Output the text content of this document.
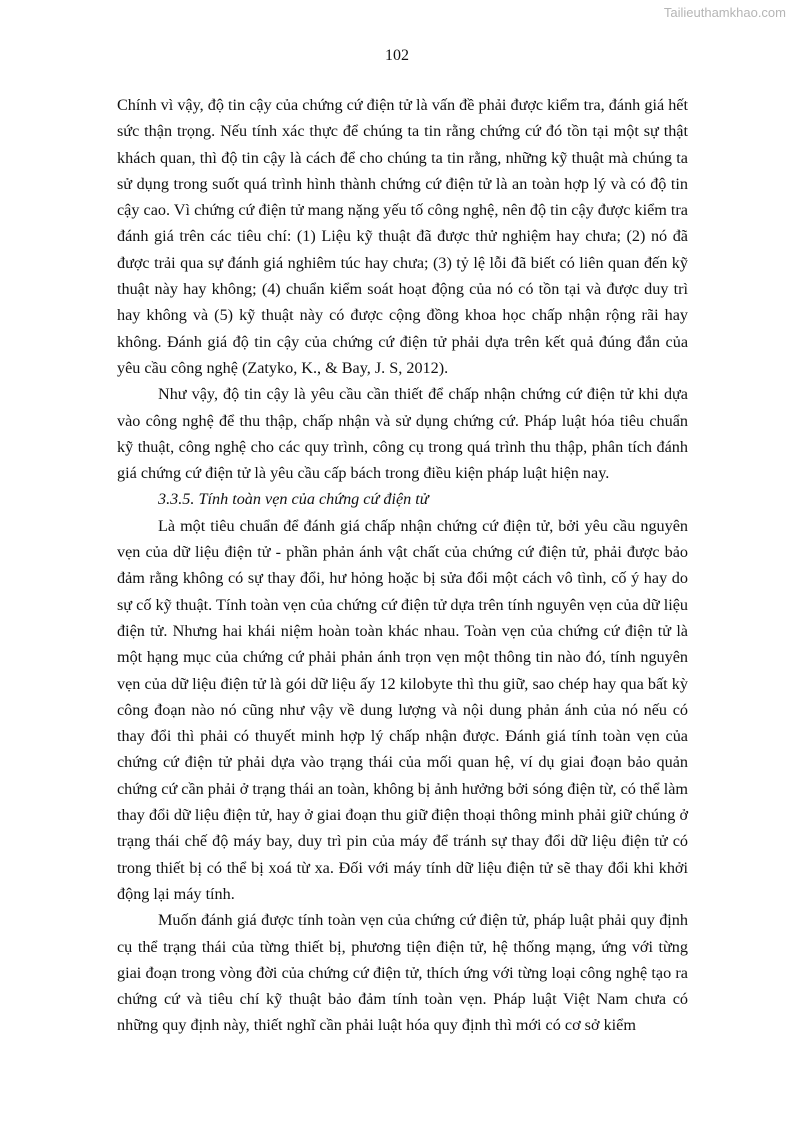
Tailieuthamkhao.com
102

Chính vì vậy, độ tin cậy của chứng cứ điện tử là vấn đề phải được kiểm tra, đánh giá hết sức thận trọng. Nếu tính xác thực để chúng ta tin rằng chứng cứ đó tồn tại một sự thật khách quan, thì độ tin cậy là cách để cho chúng ta tin rằng, những kỹ thuật mà chúng ta sử dụng trong suốt quá trình hình thành chứng cứ điện tử là an toàn hợp lý và có độ tin cậy cao. Vì chứng cứ điện tử mang nặng yếu tố công nghệ, nên độ tin cậy được kiểm tra đánh giá trên các tiêu chí: (1) Liệu kỹ thuật đã được thử nghiệm hay chưa; (2) nó đã được trải qua sự đánh giá nghiêm túc hay chưa; (3) tỷ lệ lỗi đã biết có liên quan đến kỹ thuật này hay không; (4) chuẩn kiểm soát hoạt động của nó có tồn tại và được duy trì hay không và (5) kỹ thuật này có được cộng đồng khoa học chấp nhận rộng rãi hay không. Đánh giá độ tin cậy của chứng cứ điện tử phải dựa trên kết quả đúng đắn của yêu cầu công nghệ (Zatyko, K., & Bay, J. S, 2012).

Như vậy, độ tin cậy là yêu cầu cần thiết để chấp nhận chứng cứ điện tử khi dựa vào công nghệ để thu thập, chấp nhận và sử dụng chứng cứ. Pháp luật hóa tiêu chuẩn kỹ thuật, công nghệ cho các quy trình, công cụ trong quá trình thu thập, phân tích đánh giá chứng cứ điện tử là yêu cầu cấp bách trong điều kiện pháp luật hiện nay.

3.3.5. Tính toàn vẹn của chứng cứ điện tử

Là một tiêu chuẩn để đánh giá chấp nhận chứng cứ điện tử, bởi yêu cầu nguyên vẹn của dữ liệu điện tử - phần phản ánh vật chất của chứng cứ điện tử, phải được bảo đảm rằng không có sự thay đổi, hư hỏng hoặc bị sửa đổi một cách vô tình, cố ý hay do sự cố kỹ thuật. Tính toàn vẹn của chứng cứ điện tử dựa trên tính nguyên vẹn của dữ liệu điện tử. Nhưng hai khái niệm hoàn toàn khác nhau. Toàn vẹn của chứng cứ điện tử là một hạng mục của chứng cứ phải phản ánh trọn vẹn một thông tin nào đó, tính nguyên vẹn của dữ liệu điện tử là gói dữ liệu ấy 12 kilobyte thì thu giữ, sao chép hay qua bất kỳ công đoạn nào nó cũng như vậy về dung lượng và nội dung phản ánh của nó nếu có thay đổi thì phải có thuyết minh hợp lý chấp nhận được. Đánh giá tính toàn vẹn của chứng cứ điện tử phải dựa vào trạng thái của mối quan hệ, ví dụ giai đoạn bảo quản chứng cứ cần phải ở trạng thái an toàn, không bị ảnh hưởng bởi sóng điện từ, có thể làm thay đổi dữ liệu điện tử, hay ở giai đoạn thu giữ điện thoại thông minh phải giữ chúng ở trạng thái chế độ máy bay, duy trì pin của máy để tránh sự thay đổi dữ liệu điện tử có trong thiết bị có thể bị xoá từ xa. Đối với máy tính dữ liệu điện tử sẽ thay đổi khi khởi động lại máy tính.

Muốn đánh giá được tính toàn vẹn của chứng cứ điện tử, pháp luật phải quy định cụ thể trạng thái của từng thiết bị, phương tiện điện tử, hệ thống mạng, ứng với từng giai đoạn trong vòng đời của chứng cứ điện tử, thích ứng với từng loại công nghệ tạo ra chứng cứ và tiêu chí kỹ thuật bảo đảm tính toàn vẹn. Pháp luật Việt Nam chưa có những quy định này, thiết nghĩ cần phải luật hóa quy định thì mới có cơ sở kiểm
